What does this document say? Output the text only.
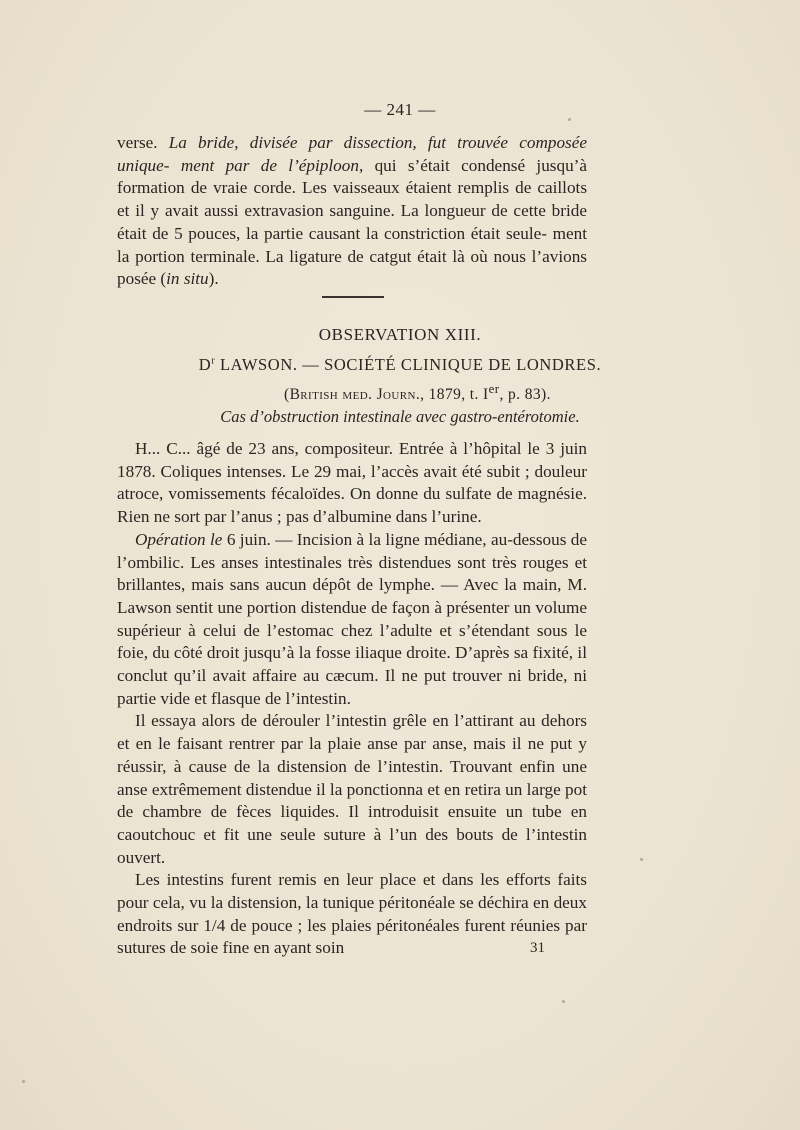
— 241 —

verse. La bride, divisée par dissection, fut trouvée composée unique- ment par de l’épiploon, qui s’était condensé jusqu’à formation de vraie corde. Les vaisseaux étaient remplis de caillots et il y avait aussi extravasion sanguine. La longueur de cette bride était de 5 pouces, la partie causant la constriction était seule- ment la portion terminale. La ligature de catgut était là où nous l’avions posée (in situ).

OBSERVATION XIII.
$D^r$ LAWSON. — SOCIÉTÉ CLINIQUE DE LONDRES.
(British med. Journ., 1879, t. Ier, p. 83).
Cas d’obstruction intestinale avec gastro-entérotomie.

H... C... âgé de 23 ans, compositeur. Entrée à l’hôpital le 3 juin 1878. Coliques intenses. Le 29 mai, l’accès avait été subit ; douleur atroce, vomissements fécaloïdes. On donne du sulfate de magnésie. Rien ne sort par l’anus ; pas d’albumine dans l’urine.

Opération le 6 juin. — Incision à la ligne médiane, au-dessous de l’ombilic. Les anses intestinales très distendues sont très rouges et brillantes, mais sans aucun dépôt de lymphe. — Avec la main, M. Lawson sentit une portion distendue de façon à présenter un volume supérieur à celui de l’estomac chez l’adulte et s’étendant sous le foie, du côté droit jusqu’à la fosse iliaque droite. D’après sa fixité, il conclut qu’il avait affaire au cæcum. Il ne put trouver ni bride, ni partie vide et flasque de l’intestin.

Il essaya alors de dérouler l’intestin grêle en l’attirant au dehors et en le faisant rentrer par la plaie anse par anse, mais il ne put y réussir, à cause de la distension de l’intestin. Trouvant enfin une anse extrêmement distendue il la ponctionna et en retira un large pot de chambre de fèces liquides. Il introduisit ensuite un tube en caoutchouc et fit une seule suture à l’un des bouts de l’intestin ouvert.

Les intestins furent remis en leur place et dans les efforts faits pour cela, vu la distension, la tunique péritonéale se déchira en deux endroits sur 1/4 de pouce ; les plaies péritonéales furent réunies par sutures de soie fine en ayant soin	31
